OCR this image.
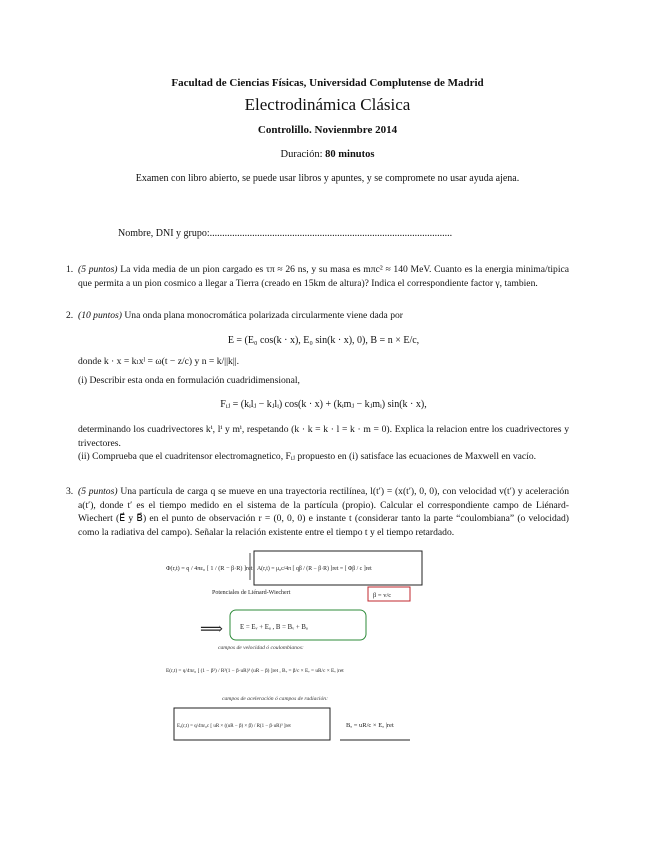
Facultad de Ciencias Físicas, Universidad Complutense de Madrid
Electrodinámica Clásica
Controlillo. Novienmbre 2014
Duración: 80 minutos
Examen con libro abierto, se puede usar libros y apuntes, y se compromete no usar ayuda ajena.
Nombre, DNI y grupo:.................................................................................................
1. (5 puntos) La vida media de un pion cargado es τπ ≈ 26 ns, y su masa es mπc² ≈ 140 MeV. Cuanto es la energia minima/tipica que permita a un pion cosmico a llegar a Tierra (creado en 15km de altura)? Indica el correspondiente factor γ, tambien.

2. (10 puntos) Una onda plana monocromática polarizada circularmente viene dada por

E = (E₀ cos(k · x), E₀ sin(k · x), 0), B = n × E/c,

donde k · x = kₗxˡ = ω(t − z/c) y n = k/||k||.

(i) Describir esta onda en formulación cuadridimensional,

Fᵢⱼ = (kᵢlⱼ − kⱼlᵢ) cos(k · x) + (kᵢmⱼ − kⱼmᵢ) sin(k · x),

determinando los cuadrivectores kⁱ, lⁱ y mⁱ, respetando (k · k = k · l = k · m = 0). Explica la relacion entre los cuadrivectores y trivectores.

(ii) Comprueba que el cuadritensor electromagnetico, Fᵢⱼ propuesto en (i) satisface las ecuaciones de Maxwell en vacío.

3. (5 puntos) Una partícula de carga q se mueve en una trayectoria rectilínea, l(t′) = (x(t′), 0, 0), con velocidad v(t′) y aceleración a(t′), donde t′ es el tiempo medido en el sistema de la partícula (propio). Calcular el correspondiente campo de Liénard-Wiechert (E⃗ y B⃗) en el punto de observación r = (0, 0, 0) e instante t (considerar tanto la parte “coulombiana” (o velocidad) como la radiativa del campo). Señalar la relación existente entre el tiempo t y el tiempo retardado.

Φ(r,t) = q / 4πε₀ [ 1 / (R − β·R) ]ret A(r,t) = μ₀c/4π [ qβ / (R − β·R) ]ret = [ Φβ / c ]ret
Potenciales de Liénard-Wiechert	β = v/c
⟹	E = Eᵥ + Eₐ , B = Bᵥ + Bₐ
campos de velocidad ó coulombianos:
E(r,t) = q/4πε₀ [ (1 − β²) / R²(1 − β·uR)³ (uR − β) ]ret , Bᵥ = β/c × Eᵥ = uR/c × Eᵥ |ret
campos de aceleración ó campos de radiación:
Eₐ(r,t) = q/4πε₀c [ uR × ((uR − β) × β̇) / R(1 − β·uR)³ ]ret	Bₐ = uR/c × Eₐ |ret
